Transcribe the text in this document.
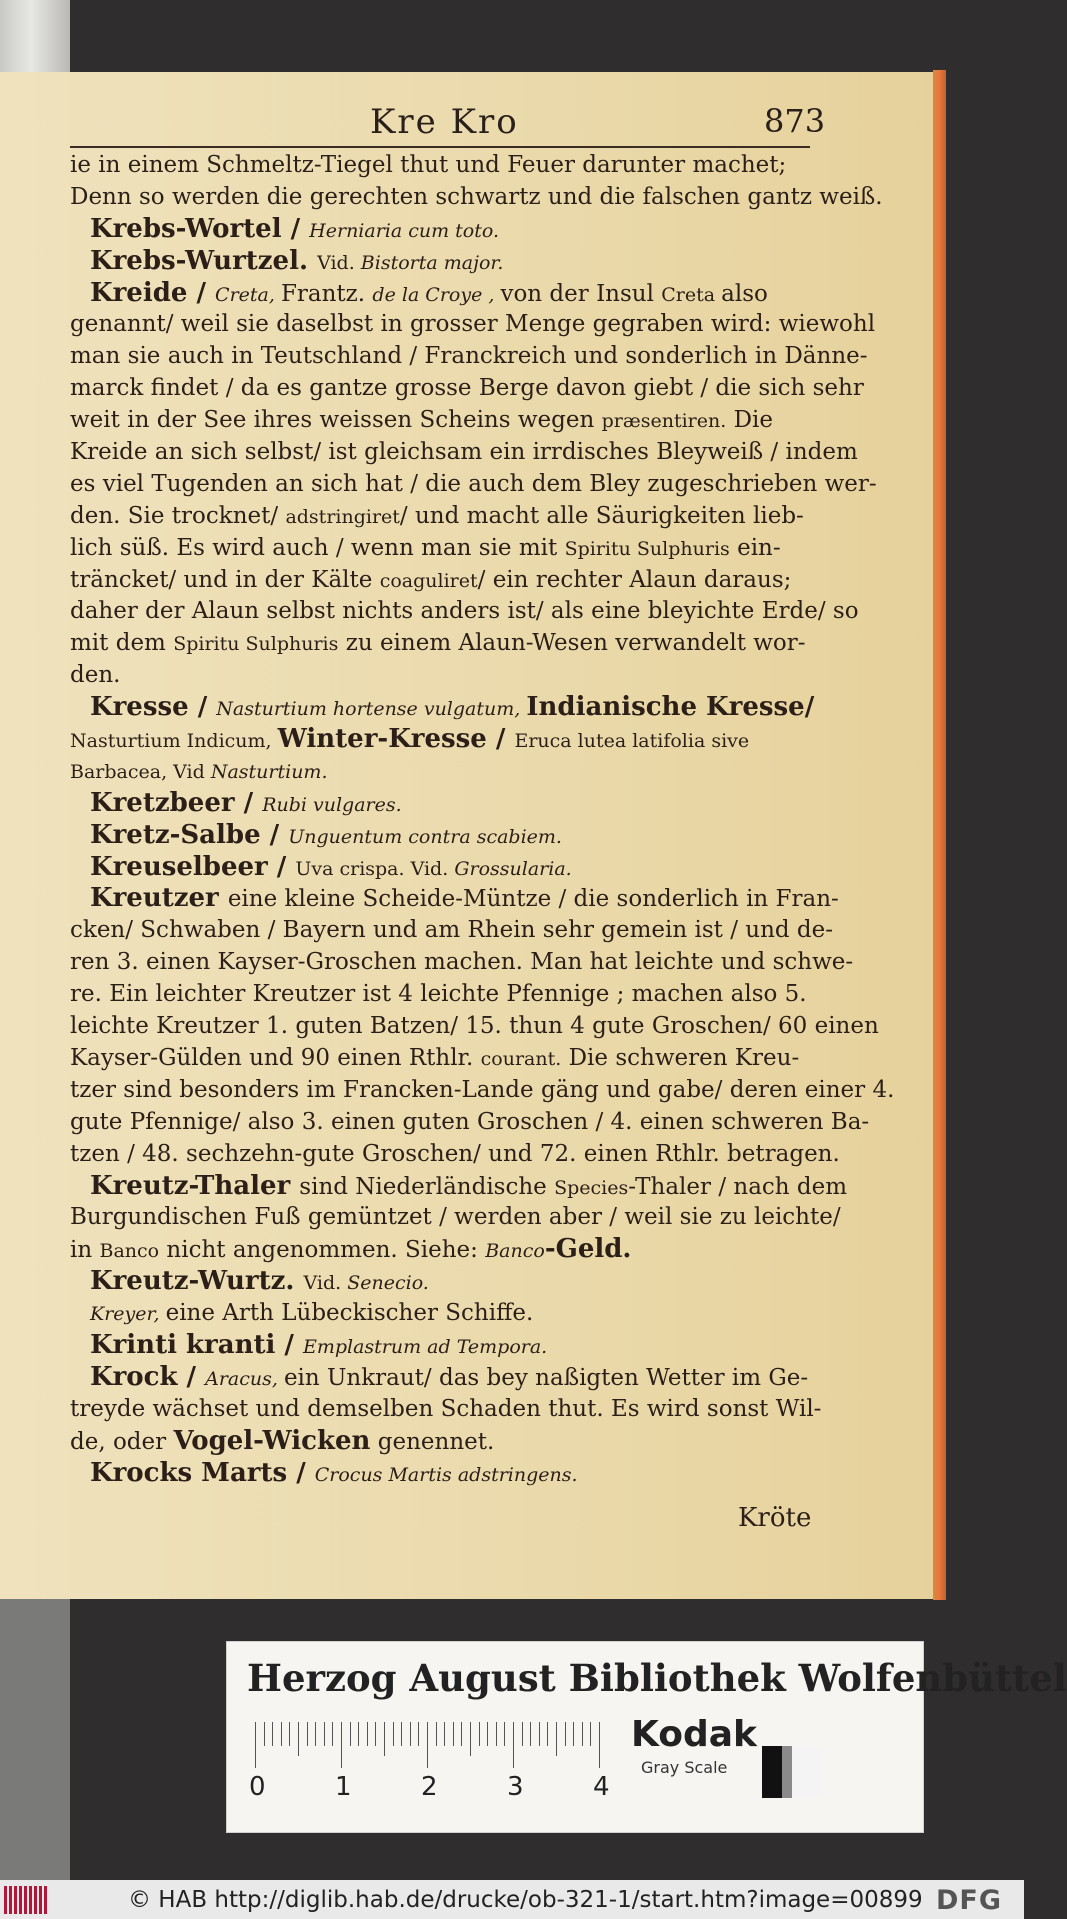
Kre Kro	873
ie in einem Schmeltz-Tiegel thut und Feuer darunter machet;
Denn so werden die gerechten schwartz und die falschen gantz weiß.
Krebs-Wortel / Herniaria cum toto.
Krebs-Wurtzel. Vid. Bistorta major.
Kreide / Creta, Frantz. de la Croye , von der Insul Creta also
genannt/ weil sie daselbst in grosser Menge gegraben wird: wiewohl
man sie auch in Teutschland / Franckreich und sonderlich in Dänne-
marck findet / da es gantze grosse Berge davon giebt / die sich sehr
weit in der See ihres weissen Scheins wegen præsentiren. Die
Kreide an sich selbst/ ist gleichsam ein irrdisches Bleyweiß / indem
es viel Tugenden an sich hat / die auch dem Bley zugeschrieben wer-
den. Sie trocknet/ adstringiret/ und macht alle Säurigkeiten lieb-
lich süß. Es wird auch / wenn man sie mit Spiritu Sulphuris ein-
träncket/ und in der Kälte coaguliret/ ein rechter Alaun daraus;
daher der Alaun selbst nichts anders ist/ als eine bleyichte Erde/ so
mit dem Spiritu Sulphuris zu einem Alaun-Wesen verwandelt wor-
den.
Kresse / Nasturtium hortense vulgatum, Indianische Kresse/
Nasturtium Indicum, Winter-Kresse / Eruca lutea latifolia sive
Barbacea, Vid Nasturtium.
Kretzbeer / Rubi vulgares.
Kretz-Salbe / Unguentum contra scabiem.
Kreuselbeer / Uva crispa. Vid. Grossularia.
Kreutzer eine kleine Scheide-Müntze / die sonderlich in Fran-
cken/ Schwaben / Bayern und am Rhein sehr gemein ist / und de-
ren 3. einen Kayser-Groschen machen. Man hat leichte und schwe-
re. Ein leichter Kreutzer ist 4 leichte Pfennige ; machen also 5.
leichte Kreutzer 1. guten Batzen/ 15. thun 4 gute Groschen/ 60 einen
Kayser-Gülden und 90 einen Rthlr. courant. Die schweren Kreu-
tzer sind besonders im Francken-Lande gäng und gabe/ deren einer 4.
gute Pfennige/ also 3. einen guten Groschen / 4. einen schweren Ba-
tzen / 48. sechzehn-gute Groschen/ und 72. einen Rthlr. betragen.
Kreutz-Thaler sind Niederländische Species-Thaler / nach dem
Burgundischen Fuß gemüntzet / werden aber / weil sie zu leichte/
in Banco nicht angenommen. Siehe: Banco-Geld.
Kreutz-Wurtz. Vid. Senecio.
Kreyer, eine Arth Lübeckischer Schiffe.
Krinti kranti / Emplastrum ad Tempora.
Krock / Aracus, ein Unkraut/ das bey naßigten Wetter im Ge-
treyde wächset und demselben Schaden thut. Es wird sonst Wil-
de, oder Vogel-Wicken genennet.
Krocks Marts / Crocus Martis adstringens.
Kröte
Herzog August Bibliothek Wolfenbüttel
0	1	2	3	4
Kodak
Gray Scale
© HAB http://diglib.hab.de/drucke/ob-321-1/start.htm?image=00899 DFG
